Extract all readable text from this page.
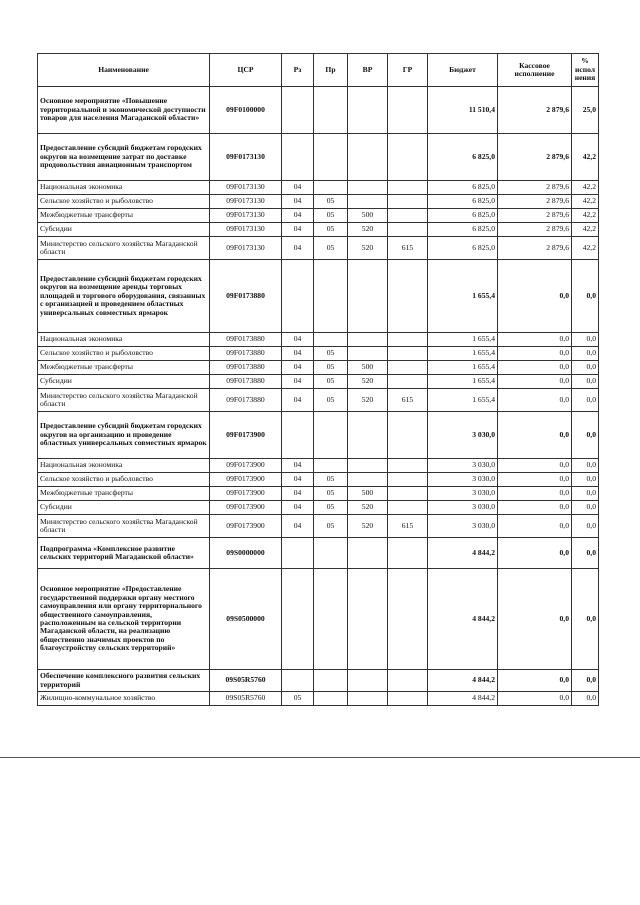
Наименование	ЦСР	Рз	Пр	ВР	ГР	Бюджет	Кассовое исполнение	% испол нения
Основное мероприятие «Повышение территориальной и экономической доступности товаров для населения Магаданской области»	09F0100000					11 510,4	2 879,6	25,0
Предоставление субсидий бюджетам городских округов на возмещение затрат по доставке продовольствия авиационным транспортом	09F0173130					6 825,0	2 879,6	42,2
Национальная экономика	09F0173130	04				6 825,0	2 879,6	42,2
Сельское хозяйство и рыболовство	09F0173130	04	05			6 825,0	2 879,6	42,2
Межбюджетные трансферты	09F0173130	04	05	500		6 825,0	2 879,6	42,2
Субсидии	09F0173130	04	05	520		6 825,0	2 879,6	42,2
Министерство сельского хозяйства Магаданской области	09F0173130	04	05	520	615	6 825,0	2 879,6	42,2
Предоставление субсидий бюджетам городских округов на возмещение аренды торговых площадей и торгового оборудования, связанных с организацией и проведением областных универсальных совместных ярмарок	09F0173880					1 655,4	0,0	0,0
Национальная экономика	09F0173880	04				1 655,4	0,0	0,0
Сельское хозяйство и рыболовство	09F0173880	04	05			1 655,4	0,0	0,0
Межбюджетные трансферты	09F0173880	04	05	500		1 655,4	0,0	0,0
Субсидии	09F0173880	04	05	520		1 655,4	0,0	0,0
Министерство сельского хозяйства Магаданской области	09F0173880	04	05	520	615	1 655,4	0,0	0,0
Предоставление субсидий бюджетам городских округов на организацию и проведение областных универсальных совместных ярмарок	09F0173900					3 030,0	0,0	0,0
Национальная экономика	09F0173900	04				3 030,0	0,0	0,0
Сельское хозяйство и рыболовство	09F0173900	04	05			3 030,0	0,0	0,0
Межбюджетные трансферты	09F0173900	04	05	500		3 030,0	0,0	0,0
Субсидии	09F0173900	04	05	520		3 030,0	0,0	0,0
Министерство сельского хозяйства Магаданской области	09F0173900	04	05	520	615	3 030,0	0,0	0,0
Подпрограмма «Комплексное развитие сельских территорий Магаданской области»	09S0000000					4 844,2	0,0	0,0
Основное мероприятие «Предоставление государственной поддержки органу местного самоуправления или органу территориального общественного самоуправления, расположенным на сельской территории Магаданской области, на реализацию общественно значимых проектов по благоустройству сельских территорий»	09S0500000					4 844,2	0,0	0,0
Обеспечение комплексного развития сельских территорий	09S05R5760					4 844,2	0,0	0,0
Жилищно-коммунальное хозяйство	09S05R5760	05				4 844,2	0,0	0,0
